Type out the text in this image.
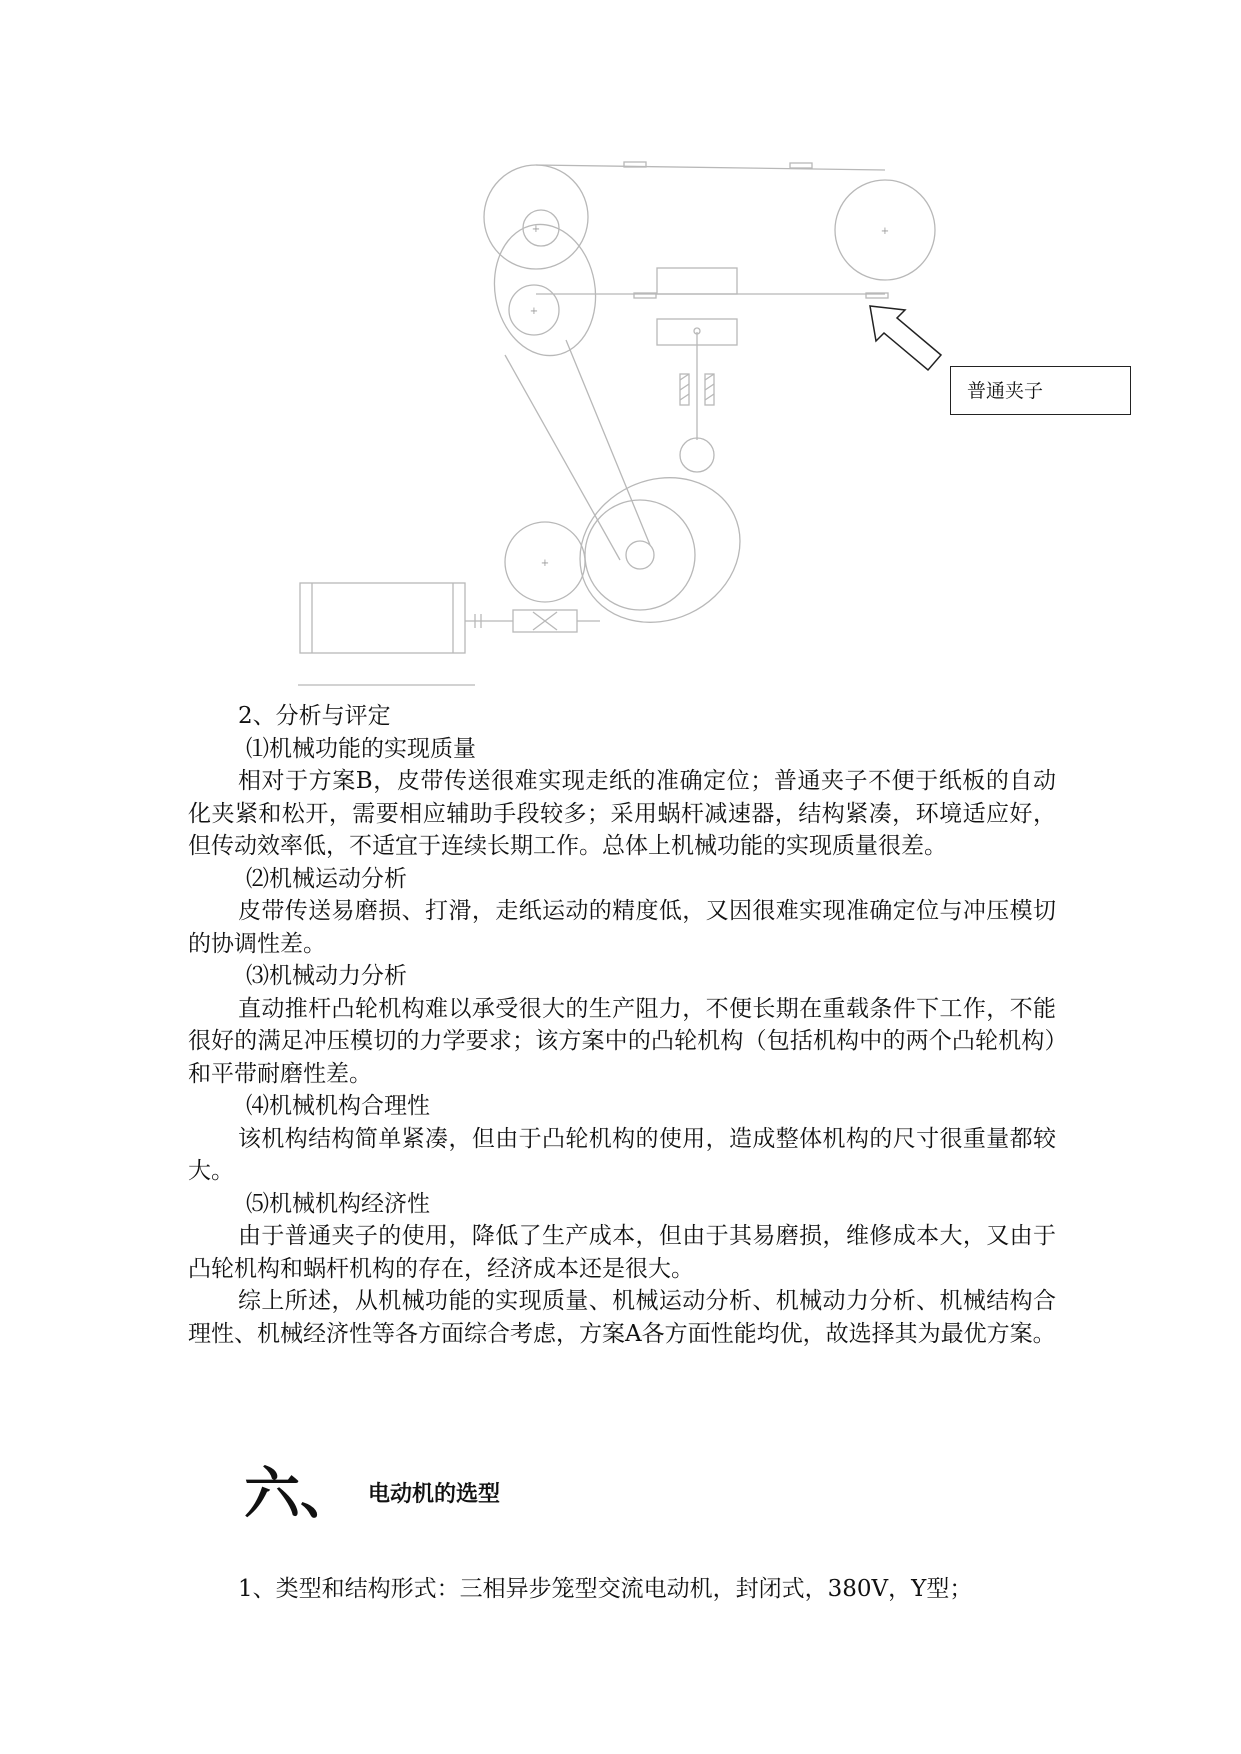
+	+
+
+
普通夹子

2、分析与评定

⑴机械功能的实现质量

相对于方案B，皮带传送很难实现走纸的准确定位；普通夹子不便于纸板的自动化夹紧和松开，需要相应辅助手段较多；采用蜗杆减速器，结构紧凑，环境适应好，但传动效率低，不适宜于连续长期工作。总体上机械功能的实现质量很差。

⑵机械运动分析

皮带传送易磨损、打滑，走纸运动的精度低，又因很难实现准确定位与冲压模切的协调性差。

⑶机械动力分析

直动推杆凸轮机构难以承受很大的生产阻力，不便长期在重载条件下工作，不能很好的满足冲压模切的力学要求；该方案中的凸轮机构（包括机构中的两个凸轮机构）和平带耐磨性差。

⑷机械机构合理性

该机构结构简单紧凑，但由于凸轮机构的使用，造成整体机构的尺寸很重量都较大。

⑸机械机构经济性

由于普通夹子的使用，降低了生产成本，但由于其易磨损，维修成本大，又由于凸轮机构和蜗杆机构的存在，经济成本还是很大。

综上所述，从机械功能的实现质量、机械运动分析、机械动力分析、机械结构合理性、机械经济性等各方面综合考虑，方案A各方面性能均优，故选择其为最优方案。

六、 电动机的选型

1、类型和结构形式：三相异步笼型交流电动机，封闭式，380V，Y型；
